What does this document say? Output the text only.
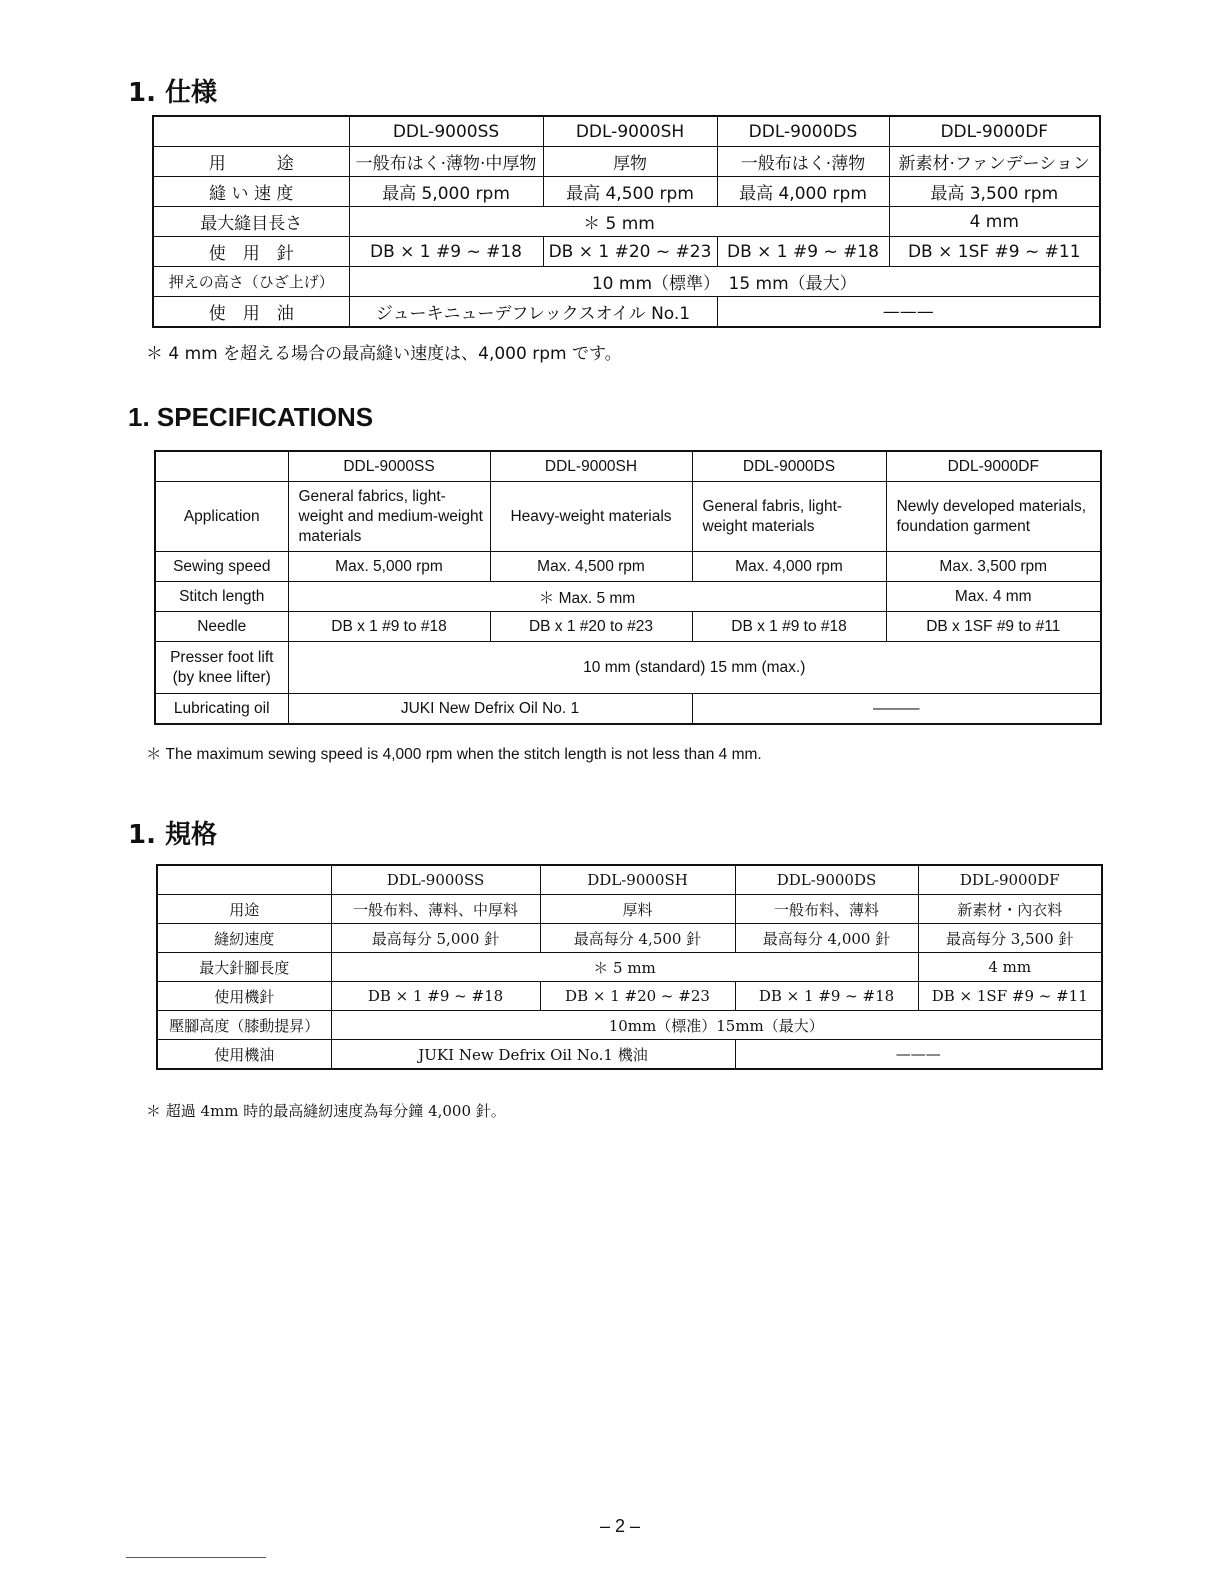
1. 仕様
	DDL-9000SS	DDL-9000SH	DDL-9000DS	DDL-9000DF
用　　　途	一般布はく·薄物·中厚物	厚物	一般布はく·薄物	新素材·ファンデーション
縫 い 速 度	最高 5,000 rpm	最高 4,500 rpm	最高 4,000 rpm	最高 3,500 rpm
最大縫目長さ	＊ 5 mm			4 mm
使　用　針	DB × 1 #9 ~ #18	DB × 1 #20 ~ #23	DB × 1 #9 ~ #18	DB × 1SF #9 ~ #11
押えの高さ（ひざ上げ）	10 mm（標準）　15 mm（最大）			
使　用　油	ジューキニューデフレックスオイル No.1		———	

＊ 4 mm を超える場合の最高縫い速度は、4,000 rpm です。

1. SPECIFICATIONS
	DDL-9000SS	DDL-9000SH	DDL-9000DS	DDL-9000DF
Application	General fabrics, light-weight and medium-weight materials	Heavy-weight materials	General fabris, light-weight materials	Newly developed materials, foundation garment
Sewing speed	Max. 5,000 rpm	Max. 4,500 rpm	Max. 4,000 rpm	Max. 3,500 rpm
Stitch length	＊ Max. 5 mm			Max. 4 mm
Needle	DB x 1 #9 to #18	DB x 1 #20 to #23	DB x 1 #9 to #18	DB x 1SF #9 to #11
Presser foot lift (by knee lifter)	10 mm (standard) 15 mm (max.)			
Lubricating oil	JUKI New Defrix Oil No. 1		———	

＊ The maximum sewing speed is 4,000 rpm when the stitch length is not less than 4 mm.

1. 規格
	DDL-9000SS	DDL-9000SH	DDL-9000DS	DDL-9000DF
用途	一般布料、薄料、中厚料	厚料	一般布料、薄料	新素材・內衣料
縫紉速度	最高每分 5,000 針	最高每分 4,500 針	最高每分 4,000 針	最高每分 3,500 針
最大針腳長度	＊ 5 mm			4 mm
使用機針	DB × 1 #9 ~ #18	DB × 1 #20 ~ #23	DB × 1 #9 ~ #18	DB × 1SF #9 ~ #11
壓腳高度（膝動提昇）	10mm（標准）15mm（最大）			
使用機油	JUKI New Defrix Oil No.1 機油		———	

＊ 超過 4mm 時的最高縫紉速度為每分鐘 4,000 針。

– 2 –
